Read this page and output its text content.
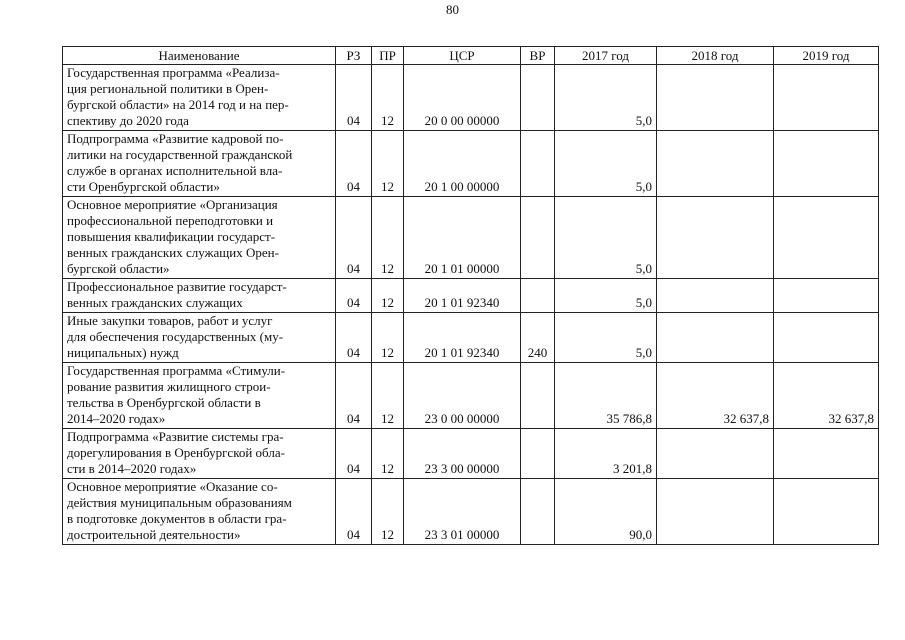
80
Наименование	РЗ	ПР	ЦСР	ВР	2017 год	2018 год	2019 год
Государственная программа «Реализа-
ция региональной политики в Орен-
бургской области» на 2014 год и на пер-
спективу до 2020 года	04	12	20 0 00 00000		5,0		
Подпрограмма «Развитие кадровой по-
литики на государственной гражданской
службе в органах исполнительной вла-
сти Оренбургской области»	04	12	20 1 00 00000		5,0		
Основное мероприятие «Организация
профессиональной переподготовки и
повышения квалификации государст-
венных гражданских служащих Орен-
бургской области»	04	12	20 1 01 00000		5,0		
Профессиональное развитие государст-
венных гражданских служащих	04	12	20 1 01 92340		5,0		
Иные закупки товаров, работ и услуг
для обеспечения государственных (му-
ниципальных) нужд	04	12	20 1 01 92340	240	5,0		
Государственная программа «Стимули-
рование развития жилищного строи-
тельства в Оренбургской области в
2014–2020 годах»	04	12	23 0 00 00000		35 786,8	32 637,8	32 637,8
Подпрограмма «Развитие системы гра-
дорегулирования в Оренбургской обла-
сти в 2014–2020 годах»	04	12	23 3 00 00000		3 201,8		
Основное мероприятие «Оказание со-
действия муниципальным образованиям
в подготовке документов в области гра-
достроительной деятельности»	04	12	23 3 01 00000		90,0		
